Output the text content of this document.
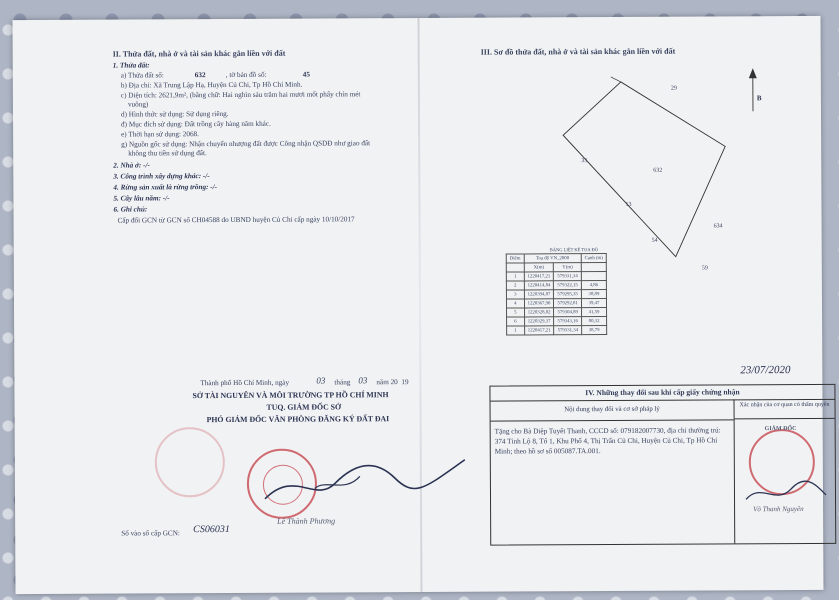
II. Thửa đất, nhà ở và tài sản khác gắn liền với đất
1. Thửa đất:
a) Thửa đất số:	632	, tờ bản đồ số:	45
b) Địa chỉ: Xã Trung Lập Hạ, Huyện Củ Chi, Tp Hồ Chí Minh.
c) Diện tích: 2621,9m², (bằng chữ: Hai nghìn sáu trăm hai mươi mốt phẩy chín mét
vuông)
d) Hình thức sử dụng: Sử dụng riêng.
đ) Mục đích sử dụng: Đất trồng cây hàng năm khác.
e) Thời hạn sử dụng: 2068.
g) Nguồn gốc sử dụng: Nhận chuyển nhượng đất được Công nhận QSDĐ như giao đất
không thu tiền sử dụng đất.
2. Nhà ở: -/-
3. Công trình xây dựng khác: -/-
4. Rừng sản xuất là rừng trồng: -/-
5. Cây lâu năm: -/-
6. Ghi chú:
Cấp đổi GCN từ GCN số CH04588 do UBND huyện Củ Chi cấp ngày 10/10/2017
Thành phố Hồ Chí Minh, ngày	03 tháng 03 năm 20 19
SỞ TÀI NGUYÊN VÀ MÔI TRƯỜNG TP HỒ CHÍ MINH
TUQ. GIÁM ĐỐC SỞ
PHÓ GIÁM ĐỐC VĂN PHÒNG ĐĂNG KÝ ĐẤT ĐAI
Lê Thành Phương
Số vào sổ cấp GCN: CS06031
III. Sơ đồ thửa đất, nhà ở và tài sản khác gắn liền với đất
B
29
632
33
13
54
634
59
BẢNG LIỆT KÊ TỌA ĐỘ
Điểm	Toạ độ VN_2000		Cạnh (m)
	X(m)	Y(m)	
1	1220417,21	579331,34	
2	1220414,84	579322,15	4,86
3	1220394,87	579295,35	38,89
4	1220367,90	579292,81	39,47
5	1220328,82	579304,89	41,59
6	1220329,37	579343,16	80,32
1	1220417,21	579331,34	38,79
IV. Những thay đổi sau khi cấp giấy chứng nhận
Nội dung thay đổi và cơ sở pháp lý
Xác nhận của cơ quan có thẩm quyền
Tặng cho Bà Diệp Tuyết Thanh, CCCD số: 079182007730, địa chỉ thường trú: 374 Tỉnh Lộ 8, Tổ 1, Khu Phố 4, Thị Trấn Củ Chi, Huyện Củ Chi, Tp Hồ Chí Minh; theo hồ sơ số 005087.TA.001.
GIÁM ĐỐC
Võ Thanh Nguyên
23/07/2020
